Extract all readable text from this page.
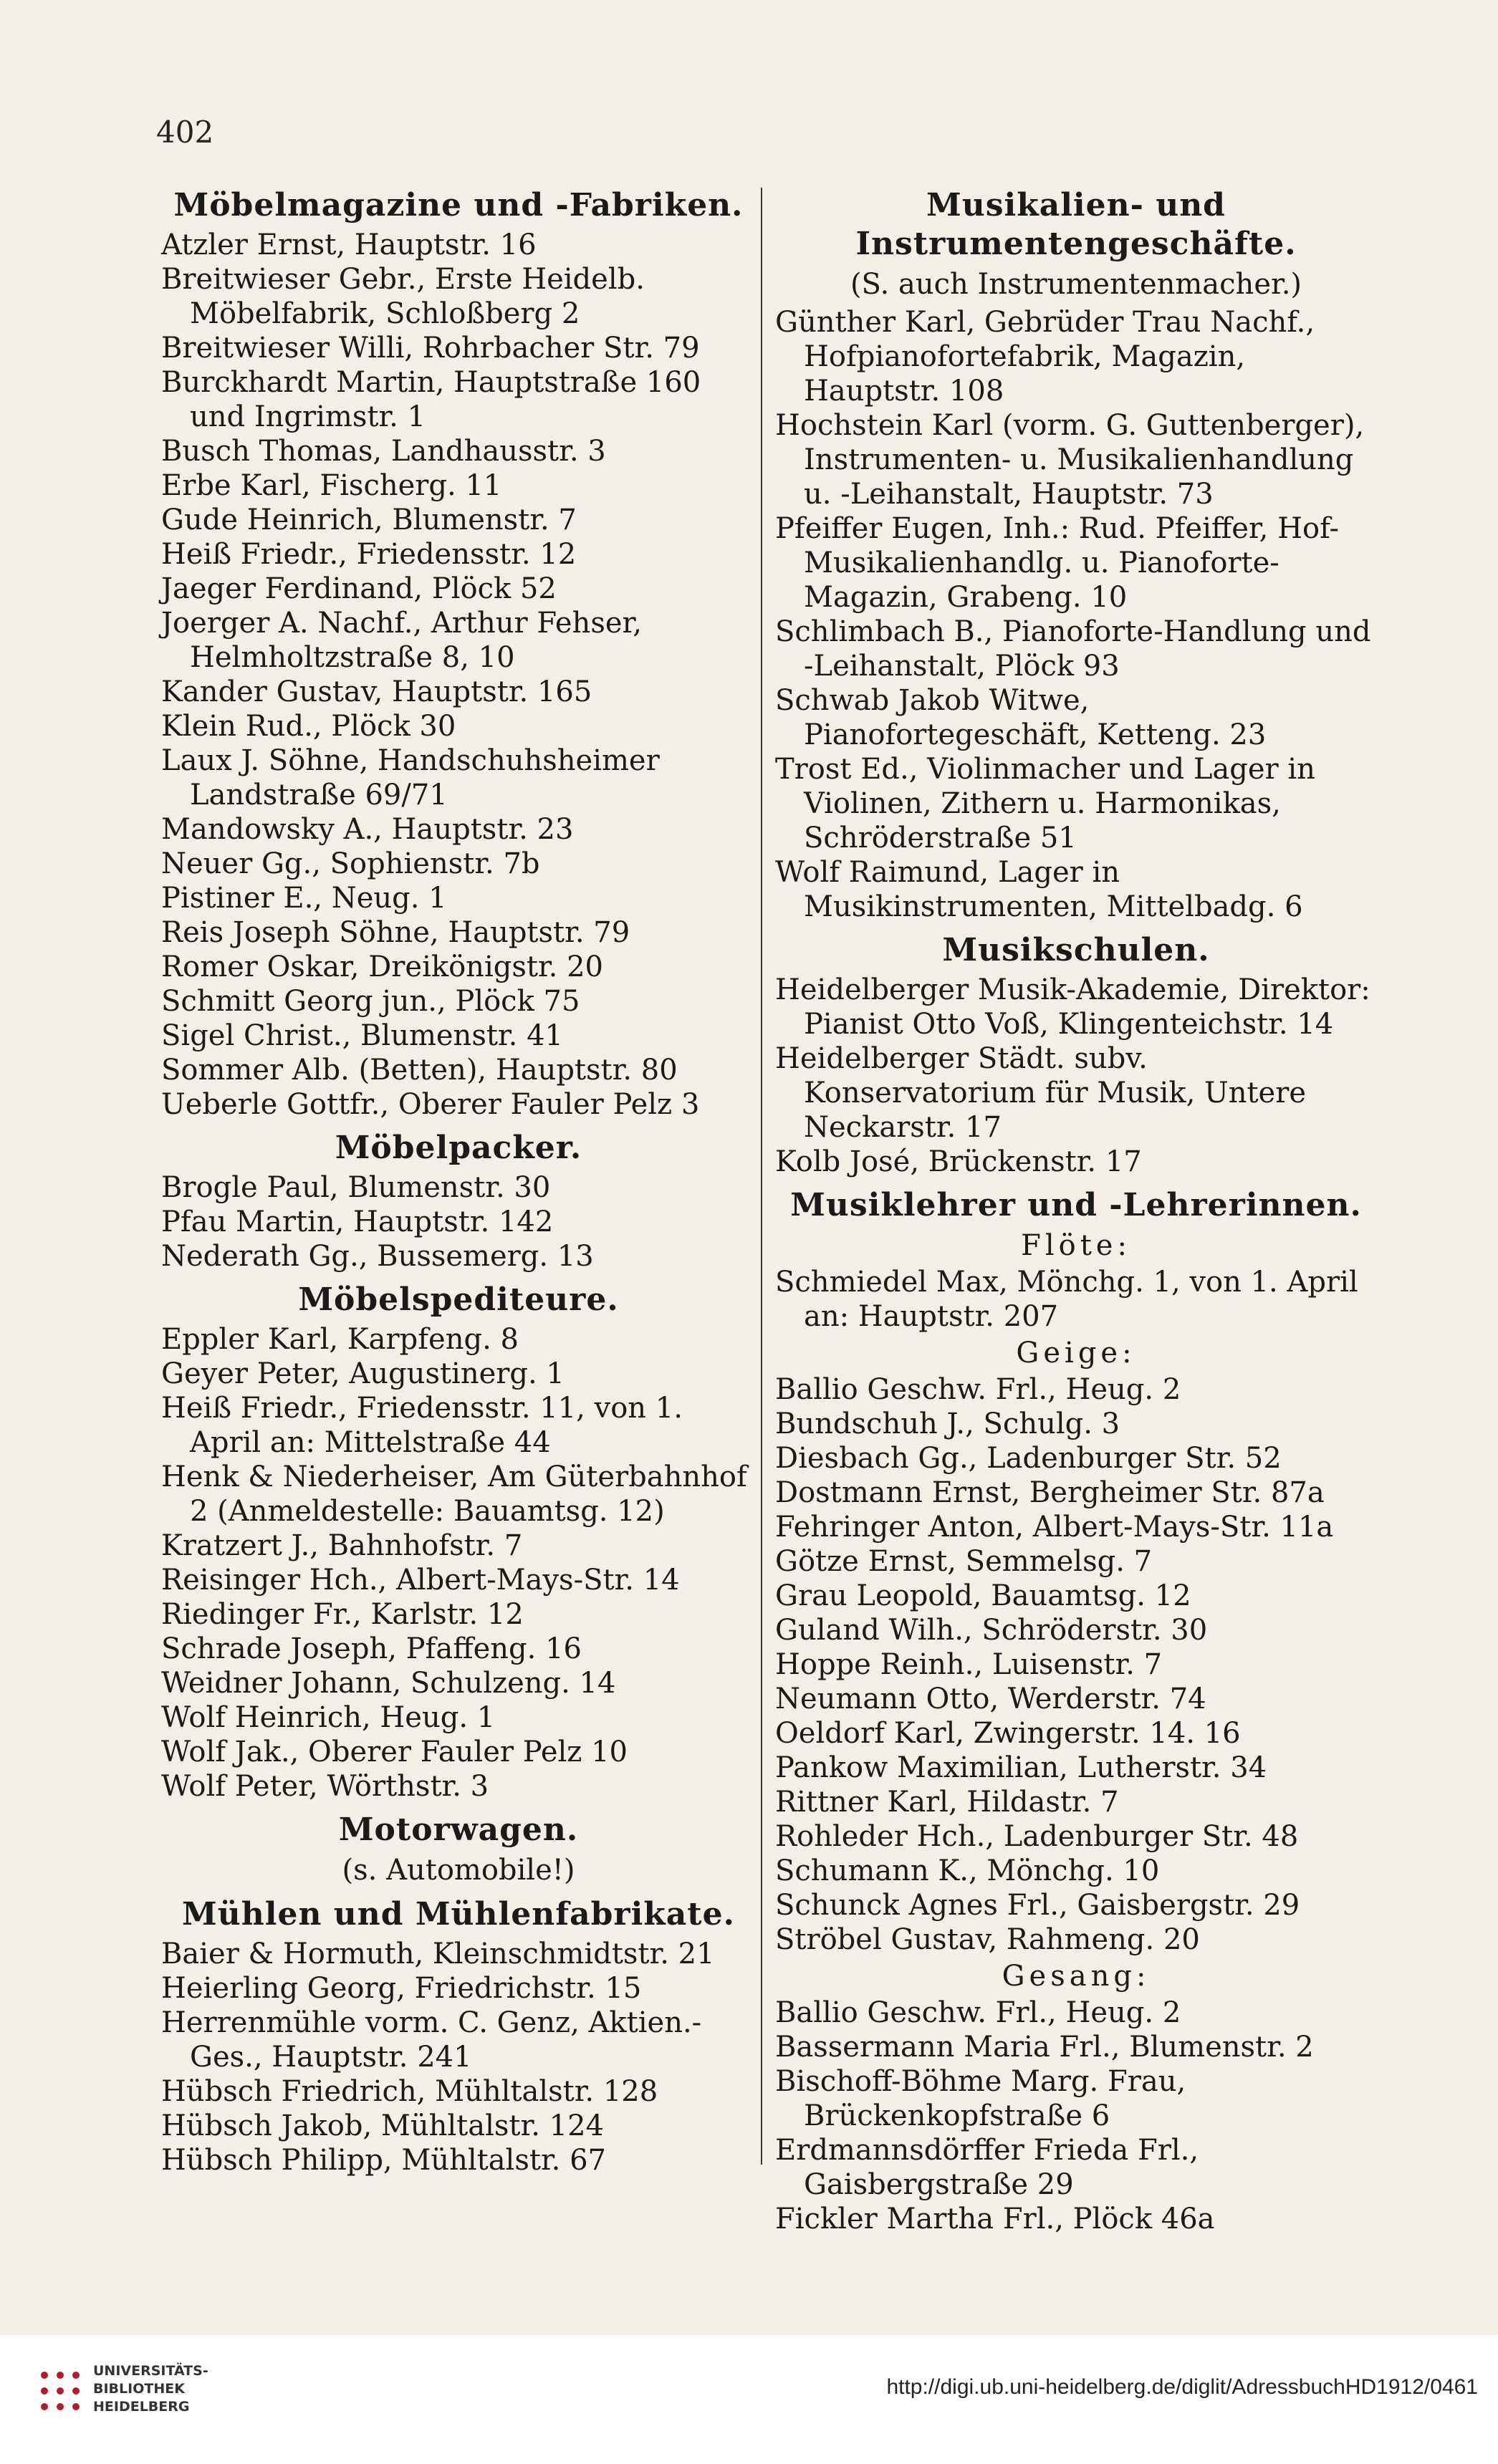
402
Möbelmagazine und -Fabriken.
Atzler Ernst, Hauptstr. 16
Breitwieser Gebr., Erste Heidelb. Möbelfabrik, Schloßberg 2
Breitwieser Willi, Rohrbacher Str. 79
Burckhardt Martin, Hauptstraße 160 und Ingrimstr. 1
Busch Thomas, Landhausstr. 3
Erbe Karl, Fischerg. 11
Gude Heinrich, Blumenstr. 7
Heiß Friedr., Friedensstr. 12
Jaeger Ferdinand, Plöck 52
Joerger A. Nachf., Arthur Fehser, Helmholtzstraße 8, 10
Kander Gustav, Hauptstr. 165
Klein Rud., Plöck 30
Laux J. Söhne, Handschuhsheimer Landstraße 69/71
Mandowsky A., Hauptstr. 23
Neuer Gg., Sophienstr. 7b
Pistiner E., Neug. 1
Reis Joseph Söhne, Hauptstr. 79
Romer Oskar, Dreikönigstr. 20
Schmitt Georg jun., Plöck 75
Sigel Christ., Blumenstr. 41
Sommer Alb. (Betten), Hauptstr. 80
Ueberle Gottfr., Oberer Fauler Pelz 3
Möbelpacker.
Brogle Paul, Blumenstr. 30
Pfau Martin, Hauptstr. 142
Nederath Gg., Bussemerg. 13
Möbelspediteure.
Eppler Karl, Karpfeng. 8
Geyer Peter, Augustinerg. 1
Heiß Friedr., Friedensstr. 11, von 1. April an: Mittelstraße 44
Henk & Niederheiser, Am Güterbahnhof 2 (Anmeldestelle: Bauamtsg. 12)
Kratzert J., Bahnhofstr. 7
Reisinger Hch., Albert-Mays-Str. 14
Riedinger Fr., Karlstr. 12
Schrade Joseph, Pfaffeng. 16
Weidner Johann, Schulzeng. 14
Wolf Heinrich, Heug. 1
Wolf Jak., Oberer Fauler Pelz 10
Wolf Peter, Wörthstr. 3
Motorwagen.
(s. Automobile!)
Mühlen und Mühlenfabrikate.
Baier & Hormuth, Kleinschmidtstr. 21
Heierling Georg, Friedrichstr. 15
Herrenmühle vorm. C. Genz, Aktien.-Ges., Hauptstr. 241
Hübsch Friedrich, Mühltalstr. 128
Hübsch Jakob, Mühltalstr. 124
Hübsch Philipp, Mühltalstr. 67
Musikalien- und Instrumentengeschäfte.
(S. auch Instrumentenmacher.)
Günther Karl, Gebrüder Trau Nachf., Hofpianofortefabrik, Magazin, Hauptstr. 108
Hochstein Karl (vorm. G. Guttenberger), Instrumenten- u. Musikalienhandlung u. -Leihanstalt, Hauptstr. 73
Pfeiffer Eugen, Inh.: Rud. Pfeiffer, Hof-Musikalienhandlg. u. Pianoforte-Magazin, Grabeng. 10
Schlimbach B., Pianoforte-Handlung und -Leihanstalt, Plöck 93
Schwab Jakob Witwe, Pianofortegeschäft, Ketteng. 23
Trost Ed., Violinmacher und Lager in Violinen, Zithern u. Harmonikas, Schröderstraße 51
Wolf Raimund, Lager in Musikinstrumenten, Mittelbadg. 6
Musikschulen.
Heidelberger Musik-Akademie, Direktor: Pianist Otto Voß, Klingenteichstr. 14
Heidelberger Städt. subv. Konservatorium für Musik, Untere Neckarstr. 17
Kolb José, Brückenstr. 17
Musiklehrer und -Lehrerinnen.
Flöte:
Schmiedel Max, Mönchg. 1, von 1. April an: Hauptstr. 207
Geige:
Ballio Geschw. Frl., Heug. 2
Bundschuh J., Schulg. 3
Diesbach Gg., Ladenburger Str. 52
Dostmann Ernst, Bergheimer Str. 87a
Fehringer Anton, Albert-Mays-Str. 11a
Götze Ernst, Semmelsg. 7
Grau Leopold, Bauamtsg. 12
Guland Wilh., Schröderstr. 30
Hoppe Reinh., Luisenstr. 7
Neumann Otto, Werderstr. 74
Oeldorf Karl, Zwingerstr. 14. 16
Pankow Maximilian, Lutherstr. 34
Rittner Karl, Hildastr. 7
Rohleder Hch., Ladenburger Str. 48
Schumann K., Mönchg. 10
Schunck Agnes Frl., Gaisbergstr. 29
Ströbel Gustav, Rahmeng. 20
Gesang:
Ballio Geschw. Frl., Heug. 2
Bassermann Maria Frl., Blumenstr. 2
Bischoff-Böhme Marg. Frau, Brückenkopfstraße 6
Erdmannsdörffer Frieda Frl., Gaisbergstraße 29
Fickler Martha Frl., Plöck 46a
UNIVERSITÄTS-
BIBLIOTHEK
HEIDELBERG
http://digi.ub.uni-heidelberg.de/diglit/AdressbuchHD1912/0461
